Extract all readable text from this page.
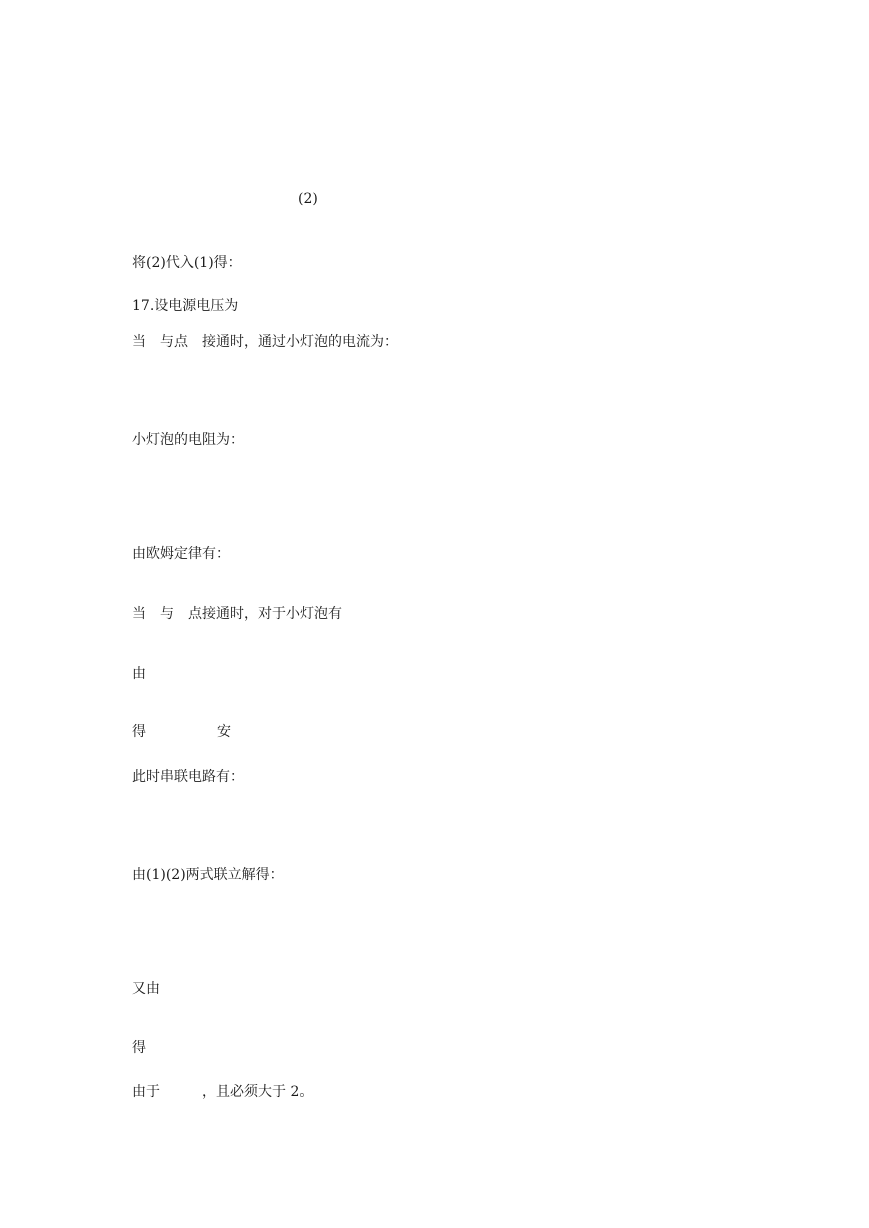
(2)
将(2)代入(1)得：
17.设电源电压为
当　与点　接通时，通过小灯泡的电流为：
小灯泡的电阻为：
由欧姆定律有：
当　与　点接通时，对于小灯泡有
由
得	安
此时串联电路有：
由(1)(2)两式联立解得：
又由
得
由于　　　，且必须大于 2。
